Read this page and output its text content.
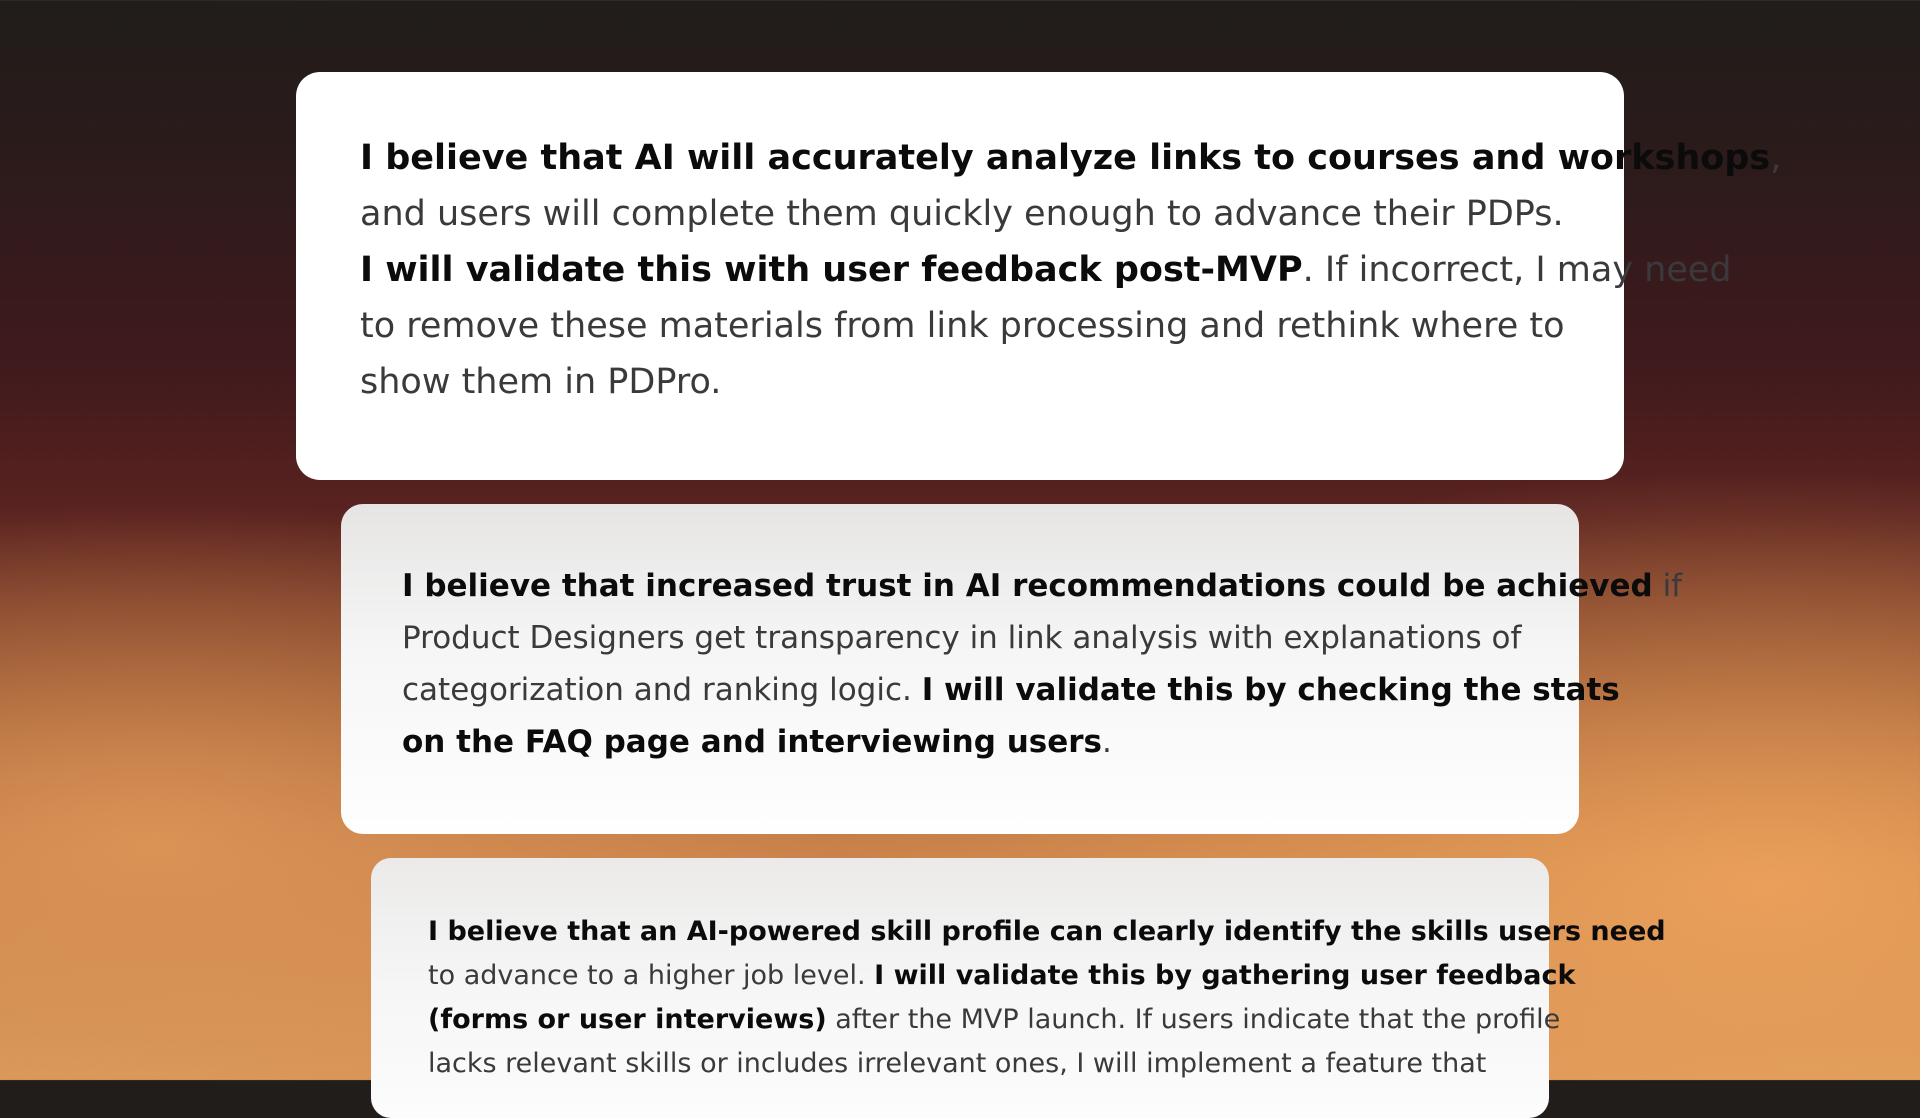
I believe that AI will accurately analyze links to courses and workshops,
and users will complete them quickly enough to advance their PDPs.
I will validate this with user feedback post-MVP. If incorrect, I may need
to remove these materials from link processing and rethink where to
show them in PDPro.

I believe that increased trust in AI recommendations could be achieved if
Product Designers get transparency in link analysis with explanations of
categorization and ranking logic. I will validate this by checking the stats
on the FAQ page and interviewing users.

I believe that an AI-powered skill profile can clearly identify the skills users need
to advance to a higher job level. I will validate this by gathering user feedback
(forms or user interviews) after the MVP launch. If users indicate that the profile
lacks relevant skills or includes irrelevant ones, I will implement a feature that
